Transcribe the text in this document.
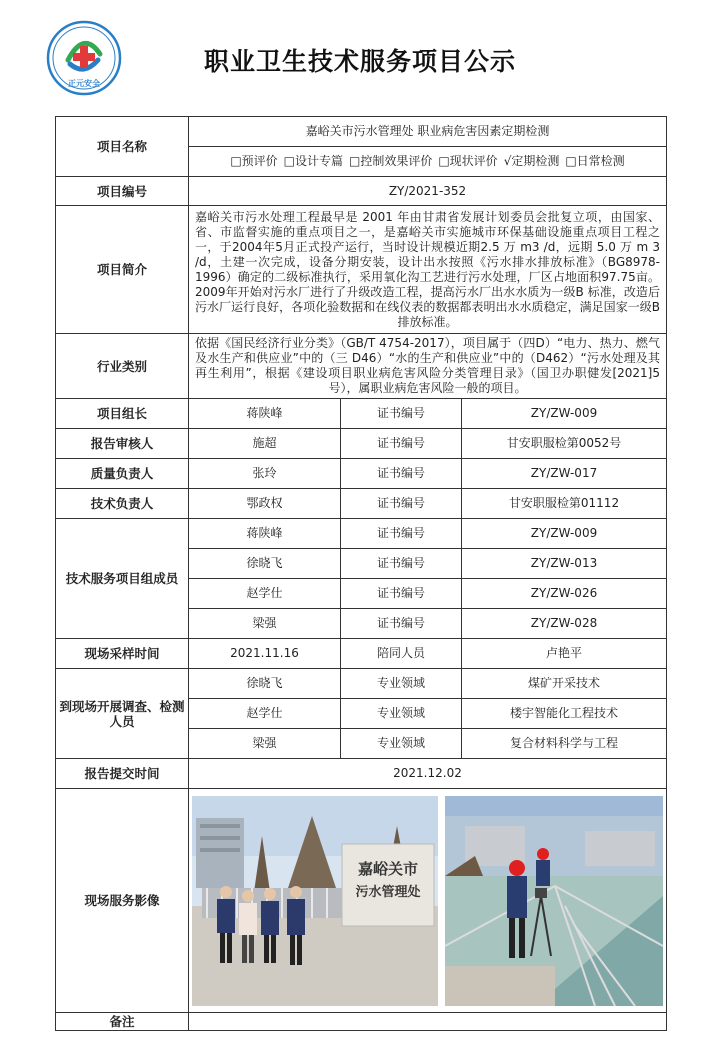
正元安全
职业卫生技术服务项目公示
项目名称	嘉峪关市污水管理处 职业病危害因素定期检测		
	□预评价 □设计专篇 □控制效果评价 □现状评价 √定期检测 □日常检测		
项目编号	ZY/2021-352		
项目简介	嘉峪关市污水处理工程最早是 2001 年由甘肃省发展计划委员会批复立项，由国家、省、市监督实施的重点项目之一，是嘉峪关市实施城市环保基础设施重点项目工程之一，于2004年5月正式投产运行，当时设计规模近期2.5 万 m3 /d，远期 5.0 万 m 3 /d，土建一次完成，设备分期安装，设计出水按照《污水排水排放标准》（BG8978-1996）确定的二级标准执行，采用氧化沟工艺进行污水处理，厂区占地面积97.75亩。2009年开始对污水厂进行了升级改造工程，提高污水厂出水水质为一级B 标准，改造后污水厂运行良好，各项化验数据和在线仪表的数据都表明出水水质稳定，满足国家一级B排放标准。		
行业类别	依据《国民经济行业分类》（GB/T 4754-2017），项目属于（四D）“电力、热力、燃气及水生产和供应业”中的（三 D46）“水的生产和供应业”中的（D462）“污水处理及其再生利用”，根据《建设项目职业病危害风险分类管理目录》（国卫办职健发[2021]5号），属职业病危害风险一般的项目。		
项目组长	蒋陕峰	证书编号	ZY/ZW-009
报告审核人	施超	证书编号	甘安职服检第0052号
质量负责人	张玲	证书编号	ZY/ZW-017
技术负责人	鄂政权	证书编号	甘安职服检第01112
技术服务项目组成员	蒋陕峰	证书编号	ZY/ZW-009
	徐晓飞	证书编号	ZY/ZW-013
	赵学仕	证书编号	ZY/ZW-026
	梁强	证书编号	ZY/ZW-028
现场采样时间	2021.11.16	陪同人员	卢艳平
到现场开展调查、检测人员	徐晓飞	专业领域	煤矿开采技术
	赵学仕	专业领域	楼宇智能化工程技术
	梁强	专业领域	复合材料科学与工程
报告提交时间	2021.12.02		
现场服务影像	嘉峪关市
污水管理处		

备注			
